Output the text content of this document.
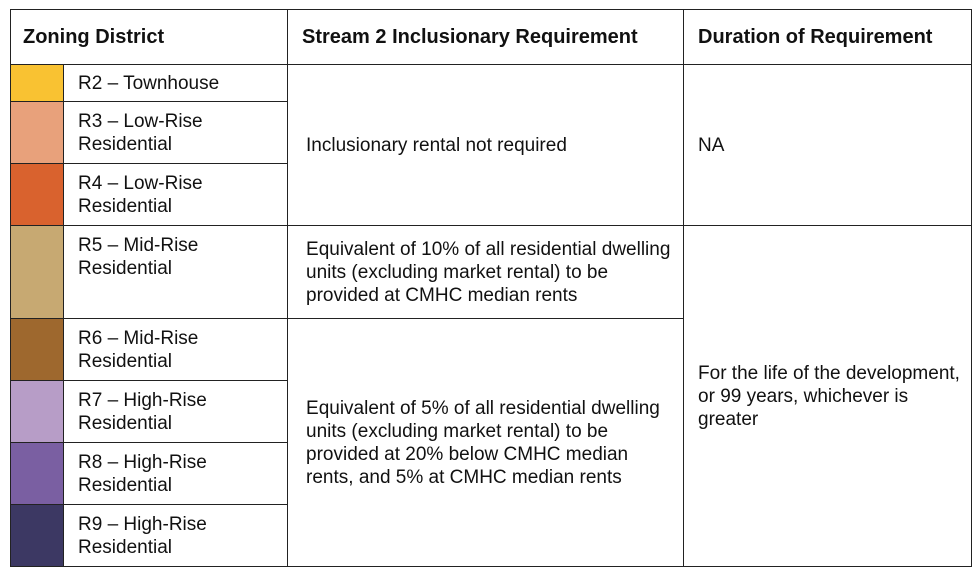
Zoning District		Stream 2 Inclusionary Requirement	Duration of Requirement

	R2 – Townhouse	Inclusionary rental not required	NA

	R3 – Low-Rise Residential		

	R4 – Low-Rise Residential		

	R5 – Mid-Rise Residential	Equivalent of 10% of all residential dwelling units (excluding market rental) to be provided at CMHC median rents	For the life of the development, or 99 years, whichever is greater

	R6 – Mid-Rise Residential	Equivalent of 5% of all residential dwelling units (excluding market rental) to be provided at 20% below CMHC median rents, and 5% at CMHC median rents	

	R7 – High-Rise Residential		

	R8 – High-Rise Residential		

	R9 – High-Rise Residential		
